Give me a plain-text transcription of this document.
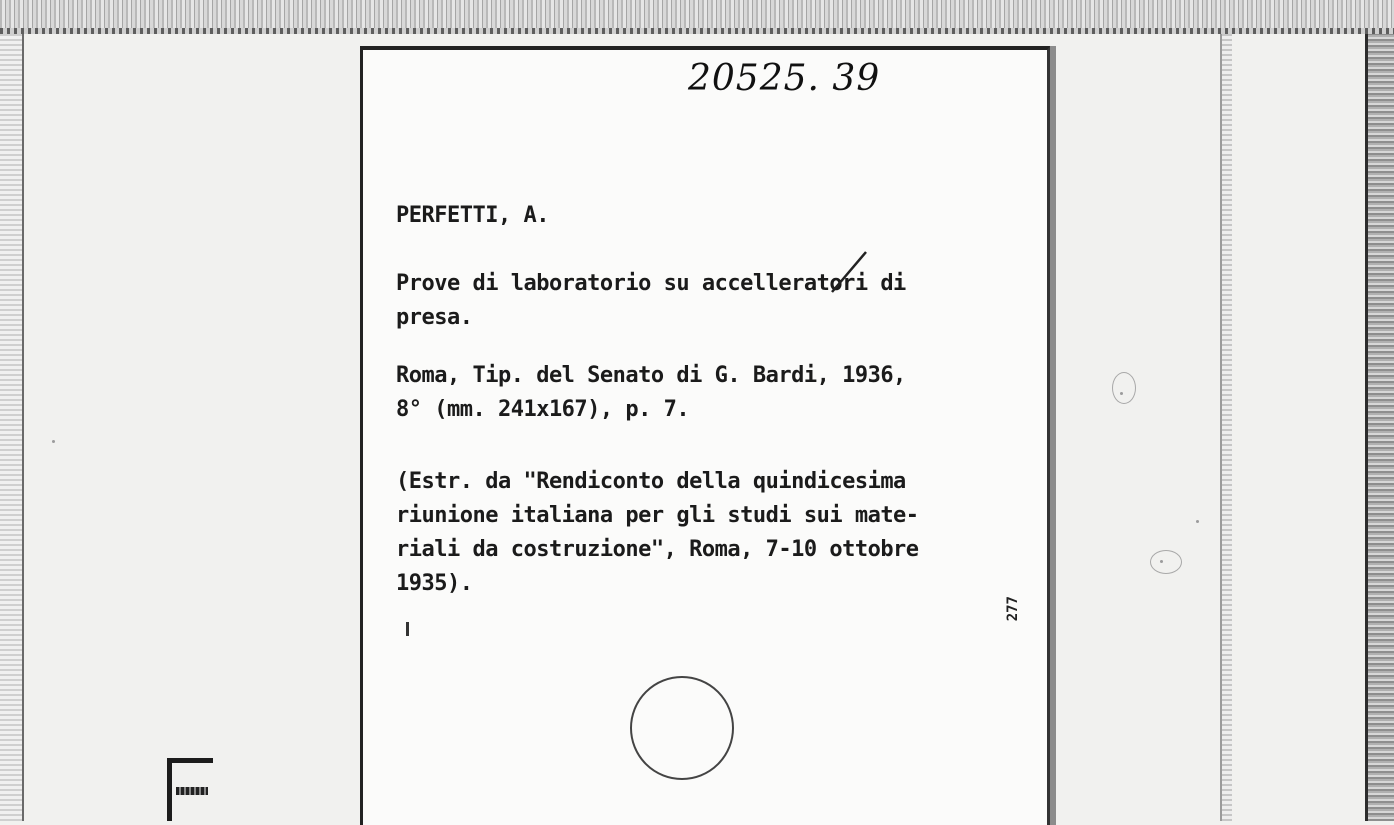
20525. 39
PERFETTI, A.
Prove di laboratorio su accelleratori di
presa.
Roma, Tip. del Senato di G. Bardi, 1936,
8° (mm. 241x167), p. 7.
(Estr. da "Rendiconto della quindicesima
riunione italiana per gli studi sui mate-
riali da costruzione", Roma, 7-10 ottobre
1935).
277
